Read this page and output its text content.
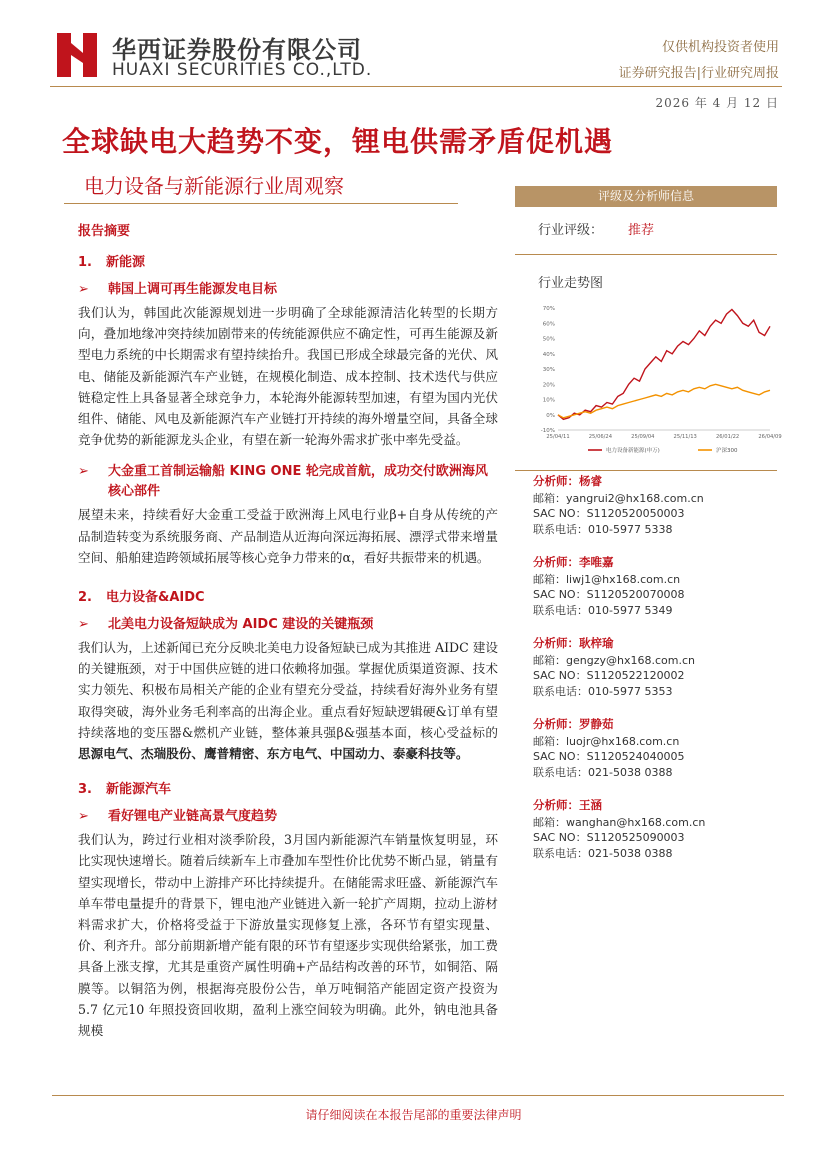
华西证券股份有限公司
HUAXI SECURITIES CO.,LTD.
仅供机构投资者使用
证券研究报告|行业研究周报
2026 年 4 月 12 日
全球缺电大趋势不变，锂电供需矛盾促机遇
电力设备与新能源行业周观察
报告摘要
1. 新能源
➢ 韩国上调可再生能源发电目标

我们认为，韩国此次能源规划进一步明确了全球能源清洁化转型的长期方向，叠加地缘冲突持续加剧带来的传统能源供应不确定性，可再生能源及新型电力系统的中长期需求有望持续抬升。我国已形成全球最完备的光伏、风电、储能及新能源汽车产业链，在规模化制造、成本控制、技术迭代与供应链稳定性上具备显著全球竞争力，本轮海外能源转型加速，有望为国内光伏组件、储能、风电及新能源汽车产业链打开持续的海外增量空间，具备全球竞争优势的新能源龙头企业，有望在新一轮海外需求扩张中率先受益。

➢ 大金重工首制运输船 KING ONE 轮完成首航，成功交付欧洲海风核心部件

展望未来，持续看好大金重工受益于欧洲海上风电行业β+自身从传统的产品制造转变为系统服务商、产品制造从近海向深远海拓展、漂浮式带来增量空间、船舶建造跨领域拓展等核心竞争力带来的α，看好共振带来的机遇。

2. 电力设备&AIDC
➢ 北美电力设备短缺成为 AIDC 建设的关键瓶颈

我们认为，上述新闻已充分反映北美电力设备短缺已成为其推进 AIDC 建设的关键瓶颈，对于中国供应链的进口依赖将加强。掌握优质渠道资源、技术实力领先、积极布局相关产能的企业有望充分受益，持续看好海外业务有望取得突破，海外业务毛利率高的出海企业。重点看好短缺逻辑硬&订单有望持续落地的变压器&燃机产业链，整体兼具强β&强基本面，核心受益标的思源电气、杰瑞股份、鹰普精密、东方电气、中国动力、泰豪科技等。

3. 新能源汽车
➢ 看好锂电产业链高景气度趋势

我们认为，跨过行业相对淡季阶段，3月国内新能源汽车销量恢复明显，环比实现快速增长。随着后续新车上市叠加车型性价比优势不断凸显，销量有望实现增长，带动中上游排产环比持续提升。在储能需求旺盛、新能源汽车单车带电量提升的背景下，锂电池产业链进入新一轮扩产周期，拉动上游材料需求扩大，价格将受益于下游放量实现修复上涨，各环节有望实现量、价、利齐升。部分前期新增产能有限的环节有望逐步实现供给紧张，加工费具备上涨支撑，尤其是重资产属性明确+产品结构改善的环节，如铜箔、隔膜等。以铜箔为例，根据海亮股份公告，单万吨铜箔产能固定资产投资为 5.7 亿元10 年照投资回收期，盈利上涨空间较为明确。此外，钠电池具备规模

评级及分析师信息
行业评级： 推荐
行业走势图
70%
60%
50%
40%
30%
20%
10%
0%
-10%
25/04/11	25/06/24	25/09/04	25/11/13	26/01/22	26/04/09
电力设备新能源(申万)	沪深300
分析师：杨睿
邮箱：yangrui2@hx168.com.cn
SAC NO：S1120520050003
联系电话：010-5977 5338
分析师：李唯嘉
邮箱：liwj1@hx168.com.cn
SAC NO：S1120520070008
联系电话：010-5977 5349
分析师：耿梓瑜
邮箱：gengzy@hx168.com.cn
SAC NO：S1120522120002
联系电话：010-5977 5353
分析师：罗静茹
邮箱：luojr@hx168.com.cn
SAC NO：S1120524040005
联系电话：021-5038 0388
分析师：王涵
邮箱：wanghan@hx168.com.cn
SAC NO：S1120525090003
联系电话：021-5038 0388
请仔细阅读在本报告尾部的重要法律声明
